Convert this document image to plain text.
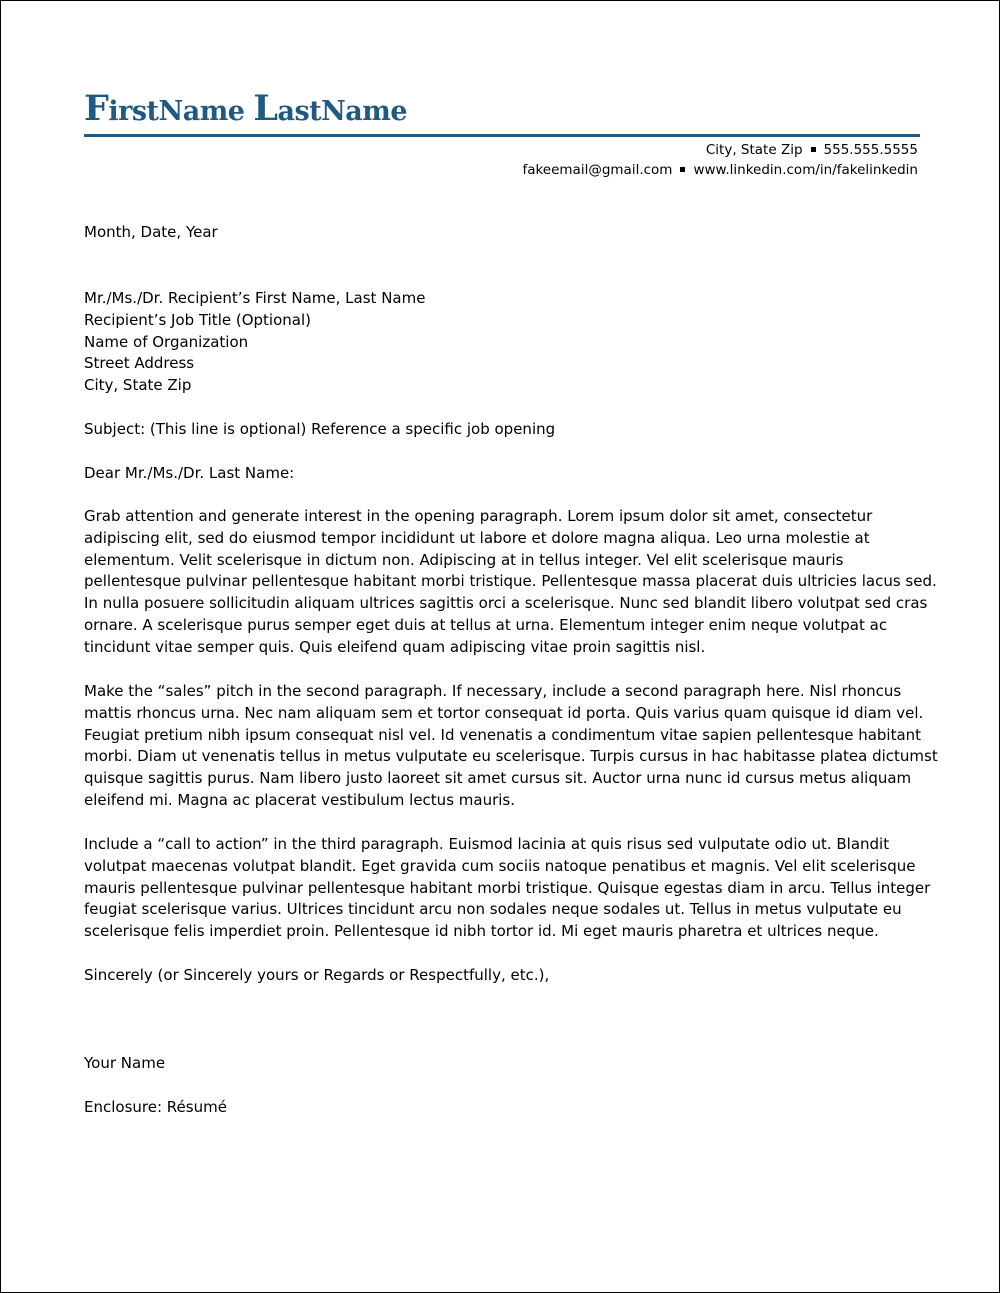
FirstName LastName
City, State Zip 555.555.5555
fakeemail@gmail.com www.linkedin.com/in/fakelinkedin

Month, Date, Year

Mr./Ms./Dr. Recipient’s First Name, Last Name
Recipient’s Job Title (Optional)
Name of Organization
Street Address
City, State Zip

Subject: (This line is optional) Reference a specific job opening

Dear Mr./Ms./Dr. Last Name:

Grab attention and generate interest in the opening paragraph. Lorem ipsum dolor sit amet, consectetur
adipiscing elit, sed do eiusmod tempor incididunt ut labore et dolore magna aliqua. Leo urna molestie at
elementum. Velit scelerisque in dictum non. Adipiscing at in tellus integer. Vel elit scelerisque mauris
pellentesque pulvinar pellentesque habitant morbi tristique. Pellentesque massa placerat duis ultricies lacus sed.
In nulla posuere sollicitudin aliquam ultrices sagittis orci a scelerisque. Nunc sed blandit libero volutpat sed cras
ornare. A scelerisque purus semper eget duis at tellus at urna. Elementum integer enim neque volutpat ac
tincidunt vitae semper quis. Quis eleifend quam adipiscing vitae proin sagittis nisl.
Make the “sales” pitch in the second paragraph. If necessary, include a second paragraph here. Nisl rhoncus
mattis rhoncus urna. Nec nam aliquam sem et tortor consequat id porta. Quis varius quam quisque id diam vel.
Feugiat pretium nibh ipsum consequat nisl vel. Id venenatis a condimentum vitae sapien pellentesque habitant
morbi. Diam ut venenatis tellus in metus vulputate eu scelerisque. Turpis cursus in hac habitasse platea dictumst
quisque sagittis purus. Nam libero justo laoreet sit amet cursus sit. Auctor urna nunc id cursus metus aliquam
eleifend mi. Magna ac placerat vestibulum lectus mauris.
Include a “call to action” in the third paragraph. Euismod lacinia at quis risus sed vulputate odio ut. Blandit
volutpat maecenas volutpat blandit. Eget gravida cum sociis natoque penatibus et magnis. Vel elit scelerisque
mauris pellentesque pulvinar pellentesque habitant morbi tristique. Quisque egestas diam in arcu. Tellus integer
feugiat scelerisque varius. Ultrices tincidunt arcu non sodales neque sodales ut. Tellus in metus vulputate eu
scelerisque felis imperdiet proin. Pellentesque id nibh tortor id. Mi eget mauris pharetra et ultrices neque.

Sincerely (or Sincerely yours or Regards or Respectfully, etc.),

Your Name

Enclosure: Résumé
